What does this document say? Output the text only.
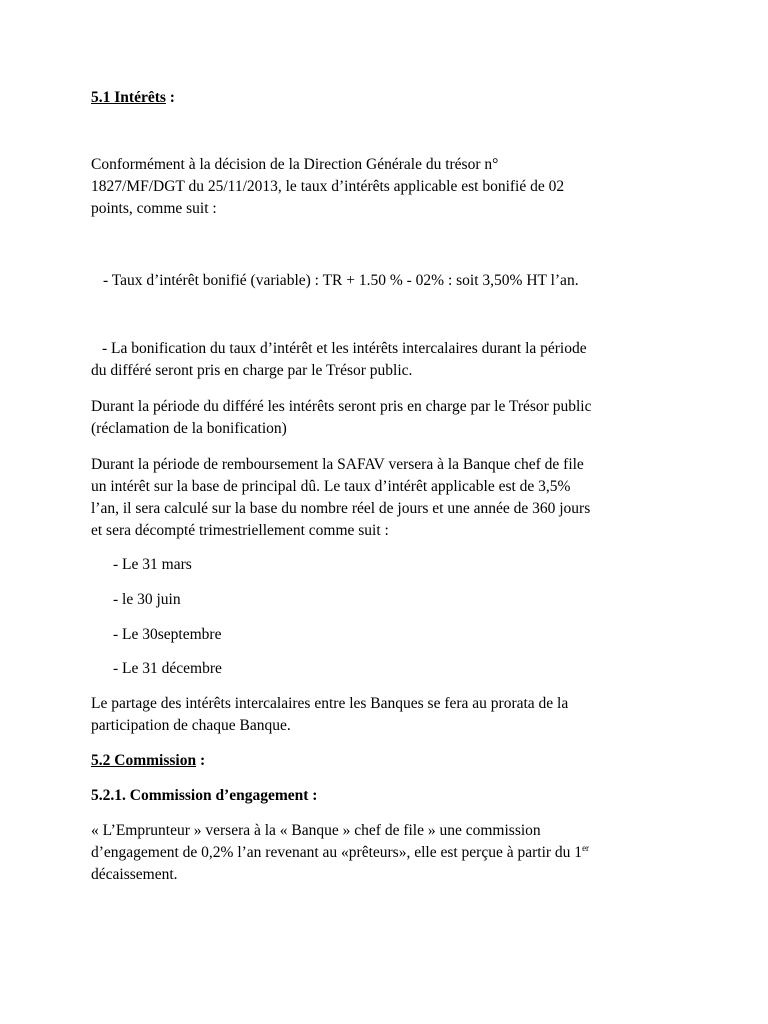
5.1 Intérêts :

Conformément à la décision de la Direction Générale du trésor n°
1827/MF/DGT du 25/11/2013, le taux d’intérêts applicable est bonifié de 02
points, comme suit :

- Taux d’intérêt bonifié (variable) : TR + 1.50 % - 02% : soit 3,50% HT l’an.

- La bonification du taux d’intérêt et les intérêts intercalaires durant la période
du différé seront pris en charge par le Trésor public.

Durant la période du différé les intérêts seront pris en charge par le Trésor public
(réclamation de la bonification)

Durant la période de remboursement la SAFAV versera à la Banque chef de file
un intérêt sur la base de principal dû. Le taux d’intérêt applicable est de 3,5%
l’an, il sera calculé sur la base du nombre réel de jours et une année de 360 jours
et sera décompté trimestriellement comme suit :

- Le 31 mars

- le 30 juin

- Le 30septembre

- Le 31 décembre

Le partage des intérêts intercalaires entre les Banques se fera au prorata de la
participation de chaque Banque.

5.2 Commission :

5.2.1. Commission d’engagement :

« L’Emprunteur » versera à la « Banque » chef de file » une commission
d’engagement de 0,2% l’an revenant au «prêteurs», elle est perçue à partir du 1er
décaissement.
